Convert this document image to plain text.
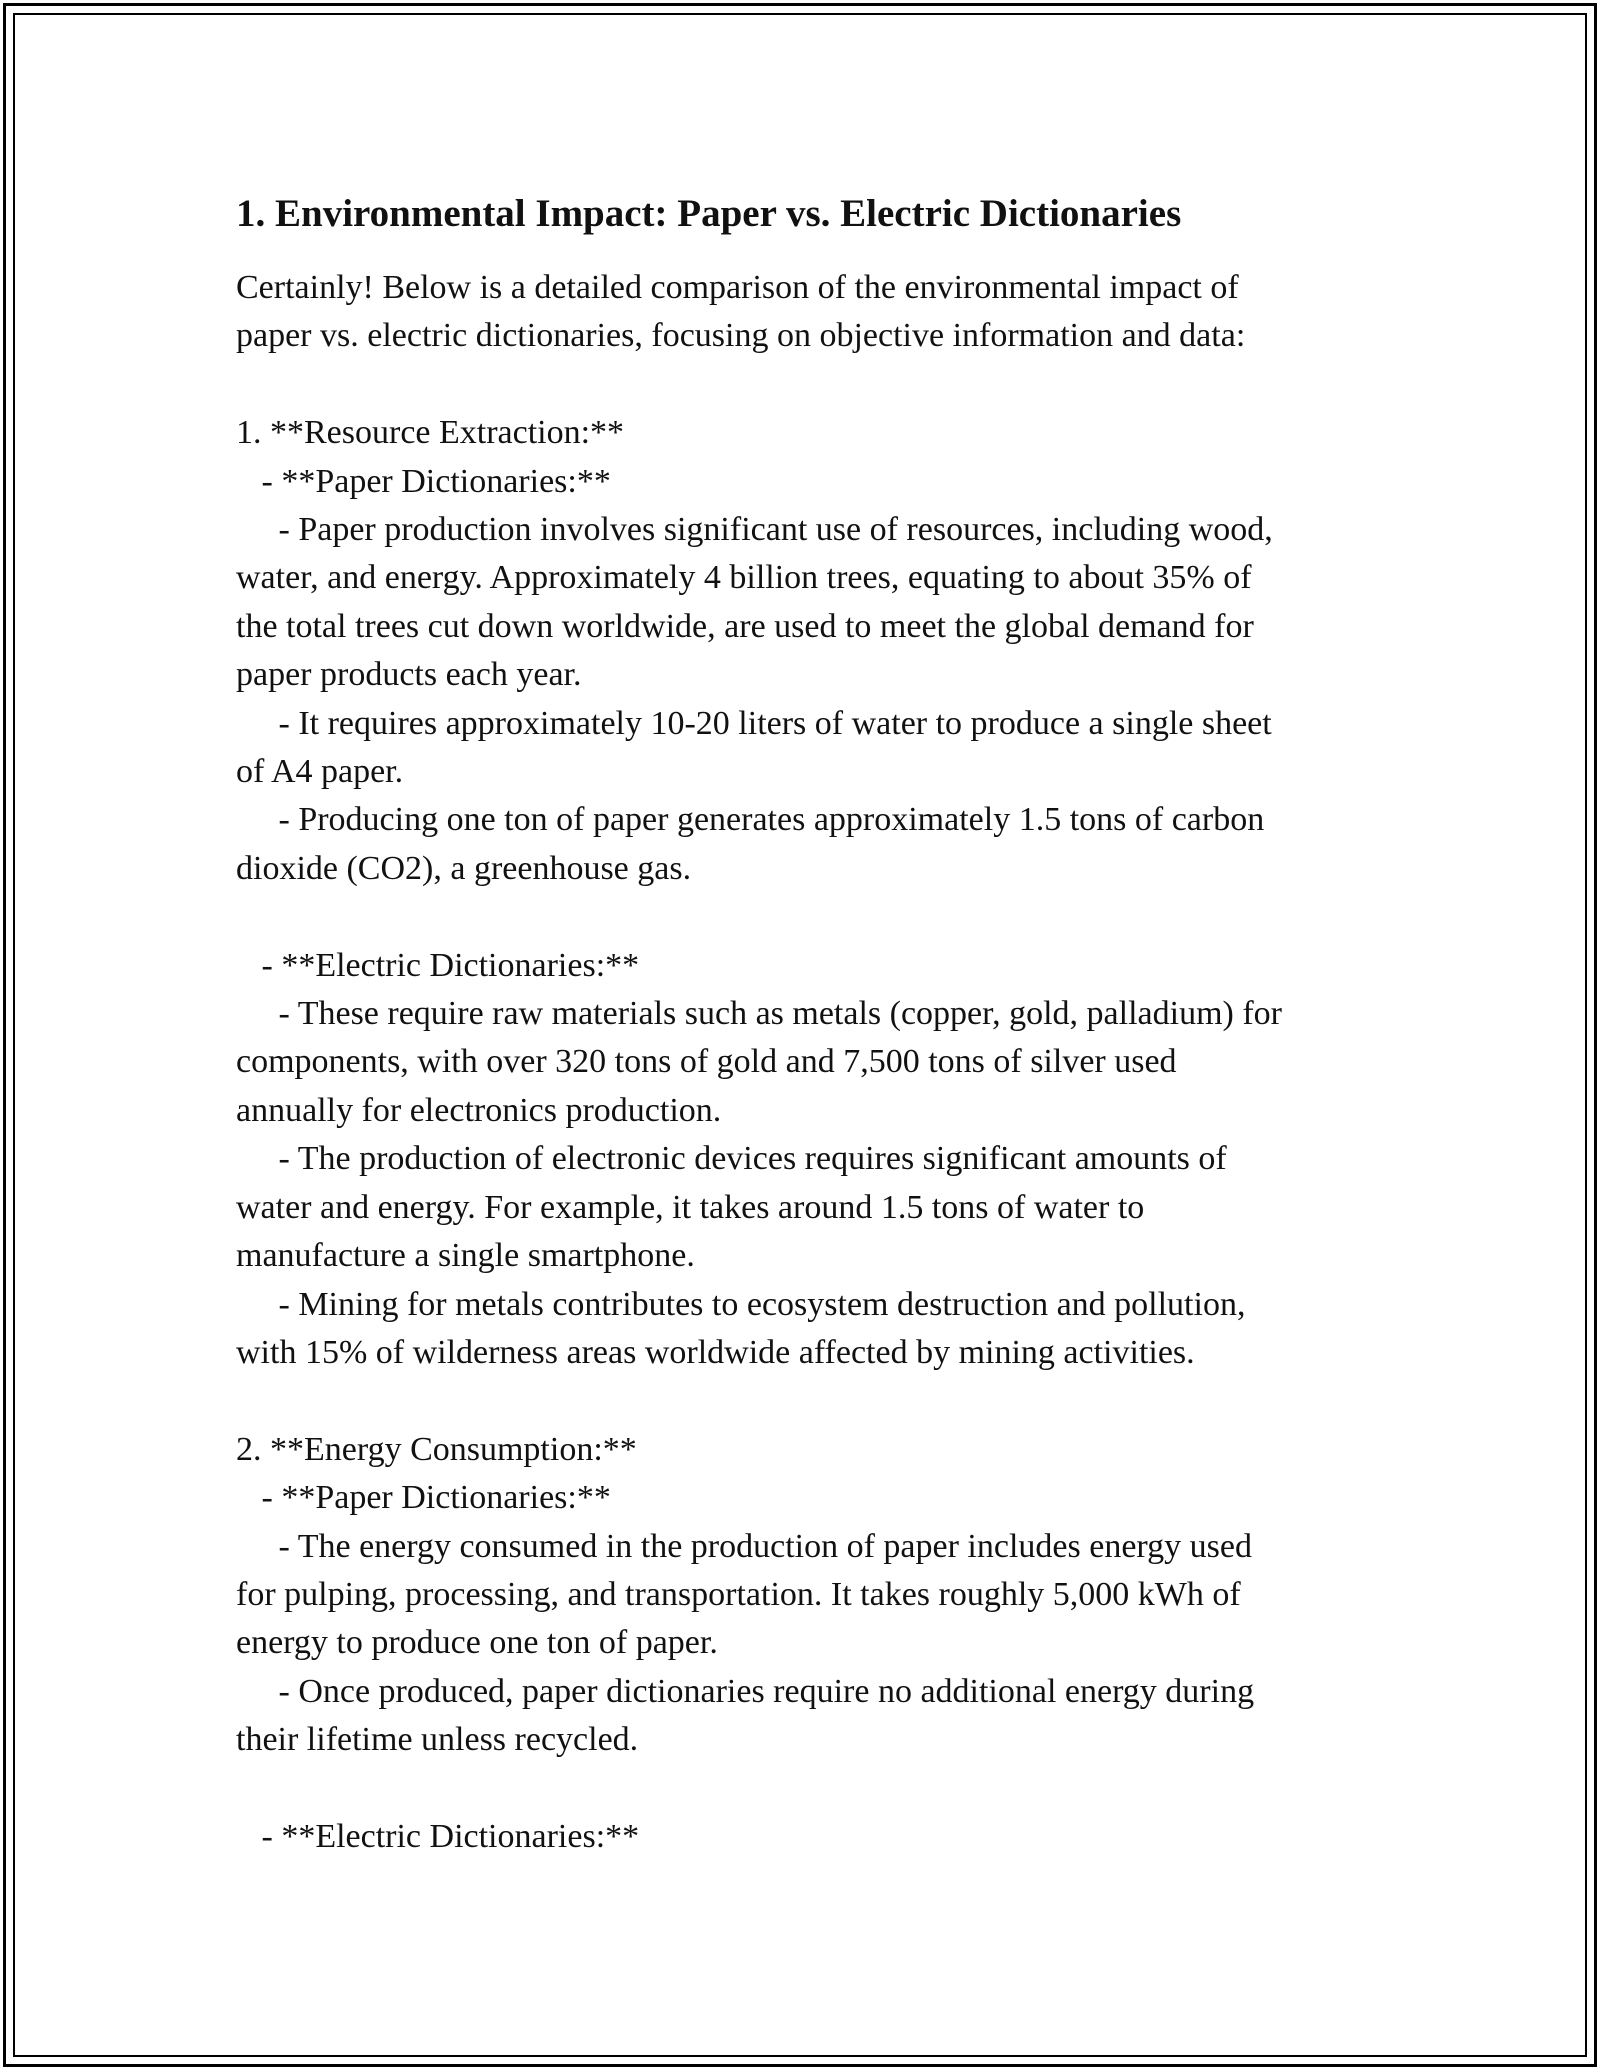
1. Environmental Impact: Paper vs. Electric Dictionaries

Certainly! Below is a detailed comparison of the environmental impact of
paper vs. electric dictionaries, focusing on objective information and data:

1. **Resource Extraction:**
- **Paper Dictionaries:**
- Paper production involves significant use of resources, including wood,
water, and energy. Approximately 4 billion trees, equating to about 35% of
the total trees cut down worldwide, are used to meet the global demand for
paper products each year.
- It requires approximately 10-20 liters of water to produce a single sheet
of A4 paper.
- Producing one ton of paper generates approximately 1.5 tons of carbon
dioxide (CO2), a greenhouse gas.

- **Electric Dictionaries:**
- These require raw materials such as metals (copper, gold, palladium) for
components, with over 320 tons of gold and 7,500 tons of silver used
annually for electronics production.
- The production of electronic devices requires significant amounts of
water and energy. For example, it takes around 1.5 tons of water to
manufacture a single smartphone.
- Mining for metals contributes to ecosystem destruction and pollution,
with 15% of wilderness areas worldwide affected by mining activities.

2. **Energy Consumption:**
- **Paper Dictionaries:**
- The energy consumed in the production of paper includes energy used
for pulping, processing, and transportation. It takes roughly 5,000 kWh of
energy to produce one ton of paper.
- Once produced, paper dictionaries require no additional energy during
their lifetime unless recycled.

- **Electric Dictionaries:**
